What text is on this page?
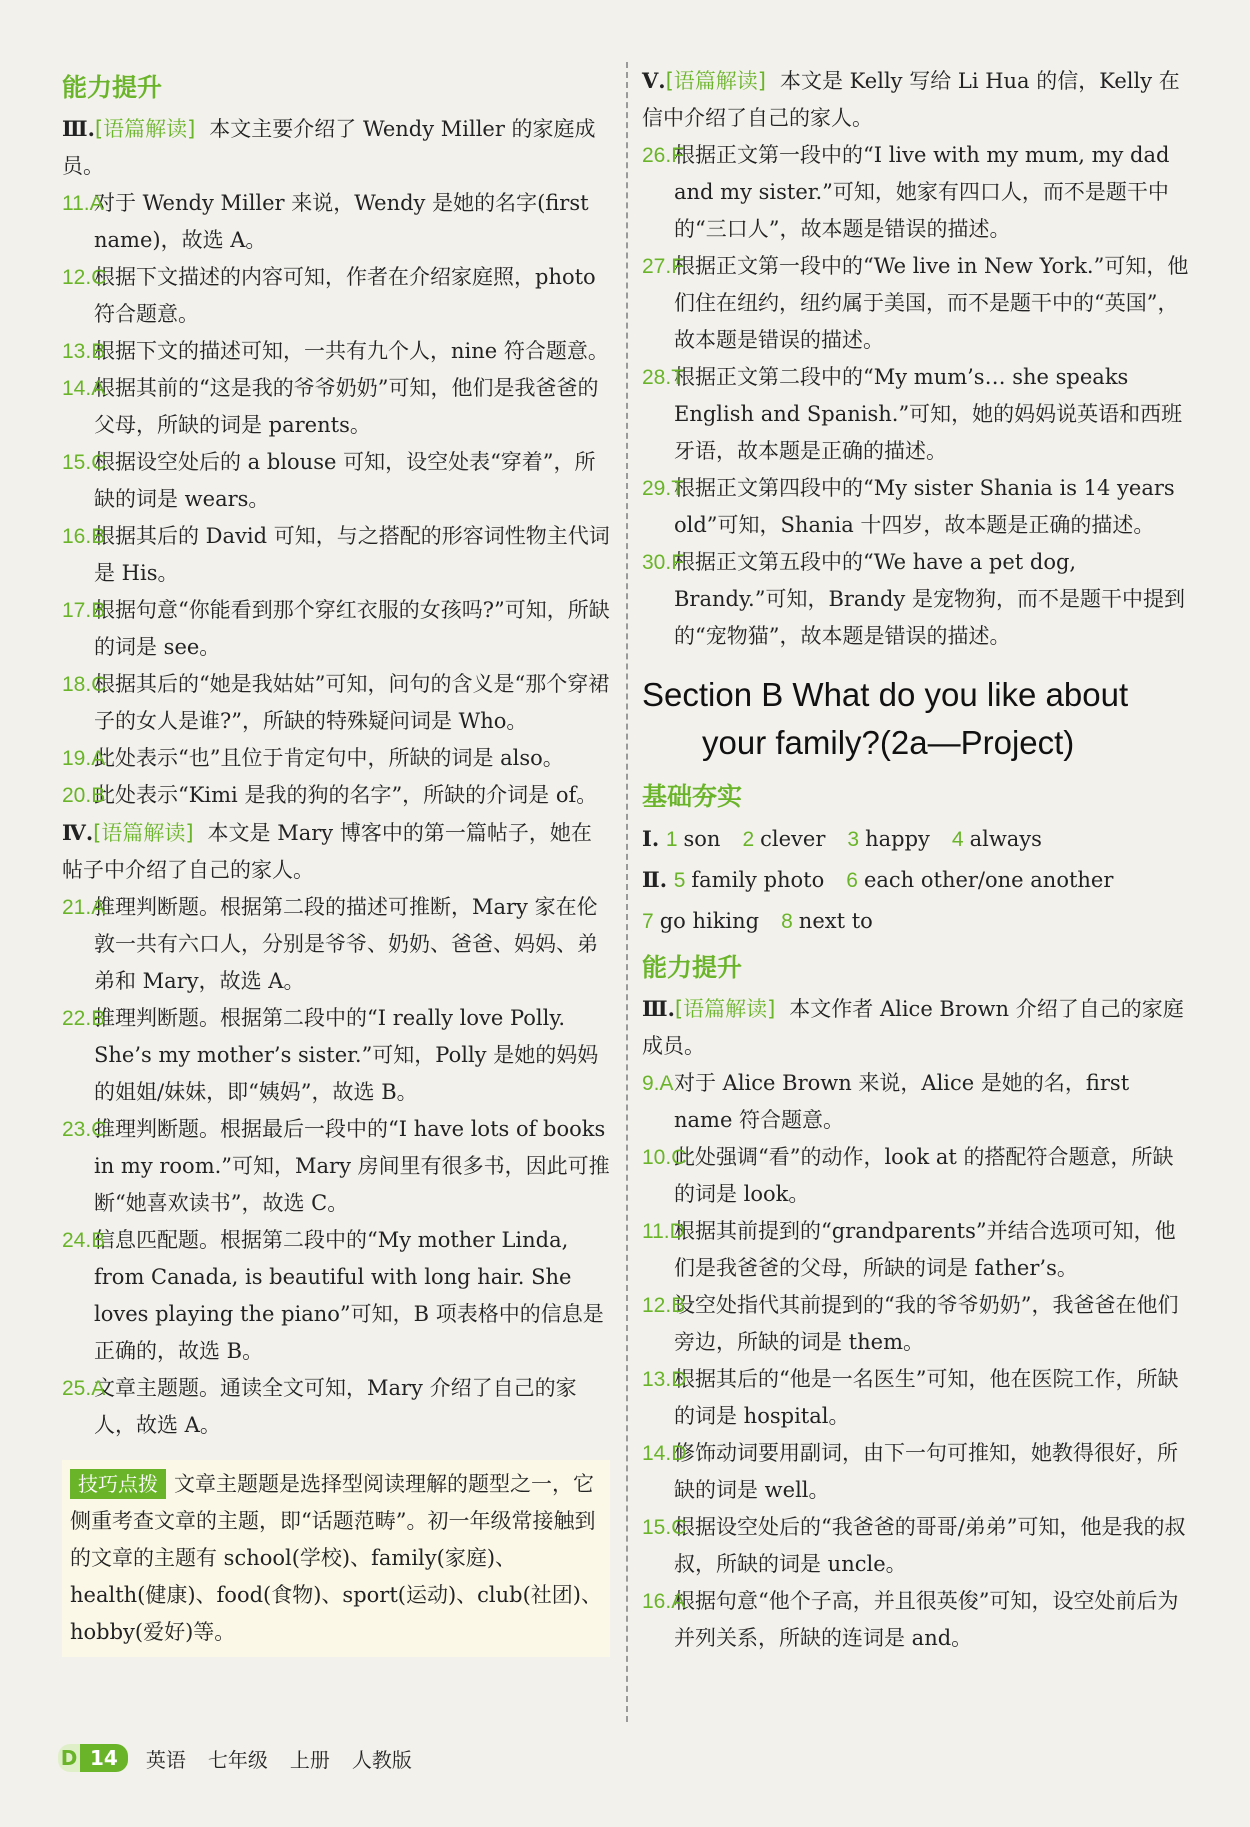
能力提升
Ⅲ.[语篇解读] 本文主要介绍了 Wendy Miller 的家庭成员。
11.A
对于 Wendy Miller 来说，Wendy 是她的名字(first name)，故选 A。
12.C
根据下文描述的内容可知，作者在介绍家庭照，photo 符合题意。
13.B
根据下文的描述可知，一共有九个人，nine 符合题意。
14.A
根据其前的“这是我的爷爷奶奶”可知，他们是我爸爸的父母，所缺的词是 parents。
15.C
根据设空处后的 a blouse 可知，设空处表“穿着”，所缺的词是 wears。
16.B
根据其后的 David 可知，与之搭配的形容词性物主代词是 His。
17.B
根据句意“你能看到那个穿红衣服的女孩吗?”可知，所缺的词是 see。
18.C
根据其后的“她是我姑姑”可知，问句的含义是“那个穿裙子的女人是谁?”，所缺的特殊疑问词是 Who。
19.A
此处表示“也”且位于肯定句中，所缺的词是 also。
20.B
此处表示“Kimi 是我的狗的名字”，所缺的介词是 of。
Ⅳ.[语篇解读] 本文是 Mary 博客中的第一篇帖子，她在帖子中介绍了自己的家人。
21.A
推理判断题。根据第二段的描述可推断，Mary 家在伦敦一共有六口人，分别是爷爷、奶奶、爸爸、妈妈、弟弟和 Mary，故选 A。
22.B
推理判断题。根据第二段中的“I really love Polly. She’s my mother’s sister.”可知，Polly 是她的妈妈的姐姐/妹妹，即“姨妈”，故选 B。
23.C
推理判断题。根据最后一段中的“I have lots of books in my room.”可知，Mary 房间里有很多书，因此可推断“她喜欢读书”，故选 C。
24.B
信息匹配题。根据第二段中的“My mother Linda, from Canada, is beautiful with long hair. She loves playing the piano”可知，B 项表格中的信息是正确的，故选 B。
25.A
文章主题题。通读全文可知，Mary 介绍了自己的家人，故选 A。
技巧点拨 文章主题题是选择型阅读理解的题型之一，它侧重考查文章的主题，即“话题范畴”。初一年级常接触到的文章的主题有 school(学校)、family(家庭)、health(健康)、food(食物)、sport(运动)、club(社团)、hobby(爱好)等。
Ⅴ.[语篇解读] 本文是 Kelly 写给 Li Hua 的信，Kelly 在信中介绍了自己的家人。
26.F
根据正文第一段中的“I live with my mum, my dad and my sister.”可知，她家有四口人，而不是题干中的“三口人”，故本题是错误的描述。
27.F
根据正文第一段中的“We live in New York.”可知，他们住在纽约，纽约属于美国，而不是题干中的“英国”，故本题是错误的描述。
28.T
根据正文第二段中的“My mum’s… she speaks English and Spanish.”可知，她的妈妈说英语和西班牙语，故本题是正确的描述。
29.T
根据正文第四段中的“My sister Shania is 14 years old”可知，Shania 十四岁，故本题是正确的描述。
30.F
根据正文第五段中的“We have a pet dog, Brandy.”可知，Brandy 是宠物狗，而不是题干中提到的“宠物猫”，故本题是错误的描述。
Section B What do you like about
your family?(2a—Project)
基础夯实
Ⅰ. 1 son 2 clever 3 happy 4 always
Ⅱ. 5 family photo 6 each other/one another
7 go hiking 8 next to
能力提升
Ⅲ.[语篇解读] 本文作者 Alice Brown 介绍了自己的家庭成员。
9.A 对于 Alice Brown 来说，Alice 是她的名，first name 符合题意。
10.C
此处强调“看”的动作，look at 的搭配符合题意，所缺的词是 look。
11.D
根据其前提到的“grandparents”并结合选项可知，他们是我爸爸的父母，所缺的词是 father’s。
12.B
设空处指代其前提到的“我的爷爷奶奶”，我爸爸在他们旁边，所缺的词是 them。
13.D
根据其后的“他是一名医生”可知，他在医院工作，所缺的词是 hospital。
14.D
修饰动词要用副词，由下一句可推知，她教得很好，所缺的词是 well。
15.C
根据设空处后的“我爸爸的哥哥/弟弟”可知，他是我的叔叔，所缺的词是 uncle。
16.A
根据句意“他个子高，并且很英俊”可知，设空处前后为并列关系，所缺的连词是 and。
D 14	英语 七年级 上册 人教版
